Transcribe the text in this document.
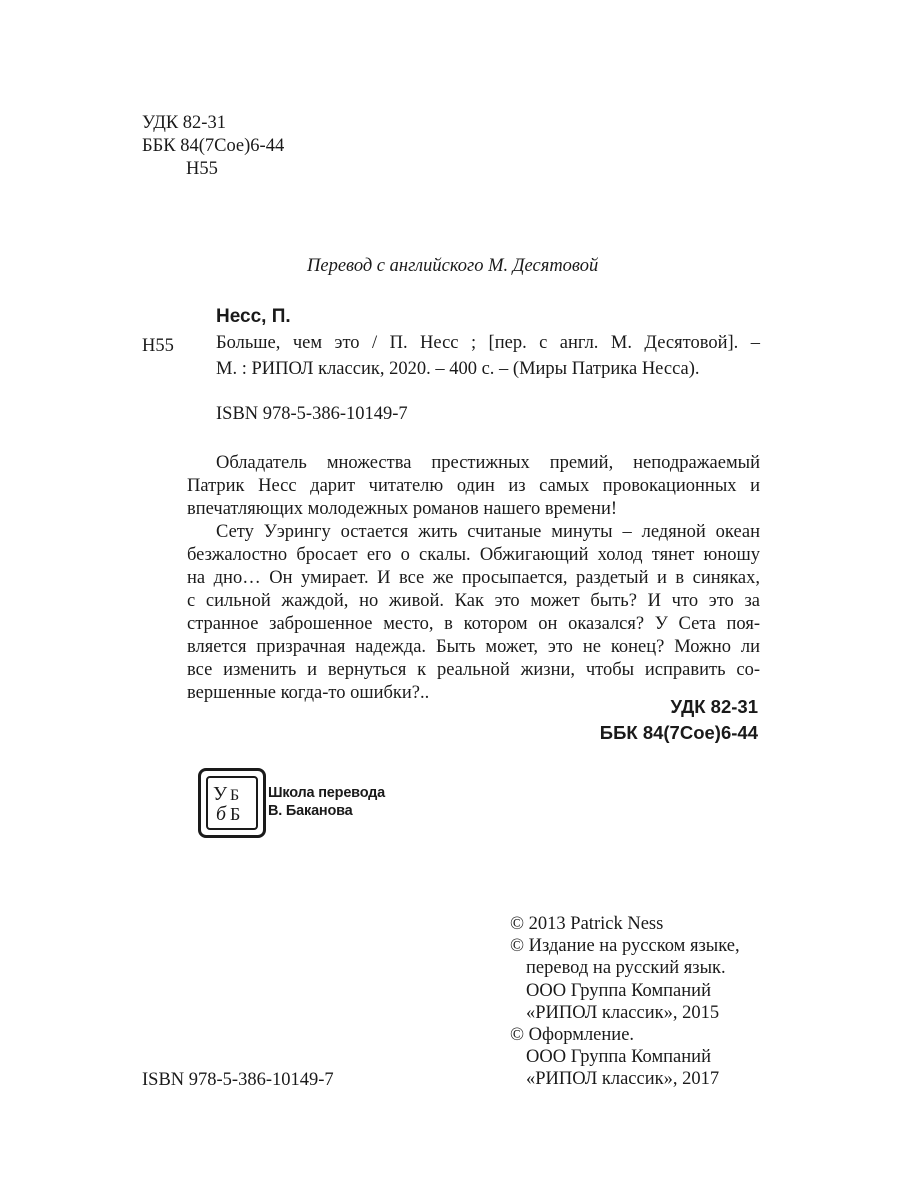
УДК 82-31
ББК 84(7Сое)6-44
Н55
Перевод с английского М. Десятовой
Несс, П.
Н55 Больше, чем это / П. Несс ; [пер. с англ. М. Десятовой]. –

М. : РИПОЛ классик, 2020. – 400 с. – (Миры Патрика Несса).

ISBN 978-5-386-10149-7

Обладатель множества престижных премий, неподражаемый
Патрик Несс дарит читателю один из самых провокационных и
впечатляющих молодежных романов нашего времени!

Сету Уэрингу остается жить считаные минуты – ледяной океан
безжалостно бросает его о скалы. Обжигающий холод тянет юношу
на дно… Он умирает. И все же просыпается, раздетый и в синяках,
с сильной жаждой, но живой. Как это может быть? И что это за
странное заброшенное место, в котором он оказался? У Сета поя-
вляется призрачная надежда. Быть может, это не конец? Можно ли
все изменить и вернуться к реальной жизни, чтобы исправить со-
вершенные когда-то ошибки?..

УДК 82-31
ББК 84(7Сое)6-44
У Б
б Б
Школа перевода
В. Баканова
© 2013 Patrick Ness
© Издание на русском языке,
перевод на русский язык.
ООО Группа Компаний
«РИПОЛ классик», 2015
© Оформление.
ООО Группа Компаний
«РИПОЛ классик», 2017
ISBN 978-5-386-10149-7
